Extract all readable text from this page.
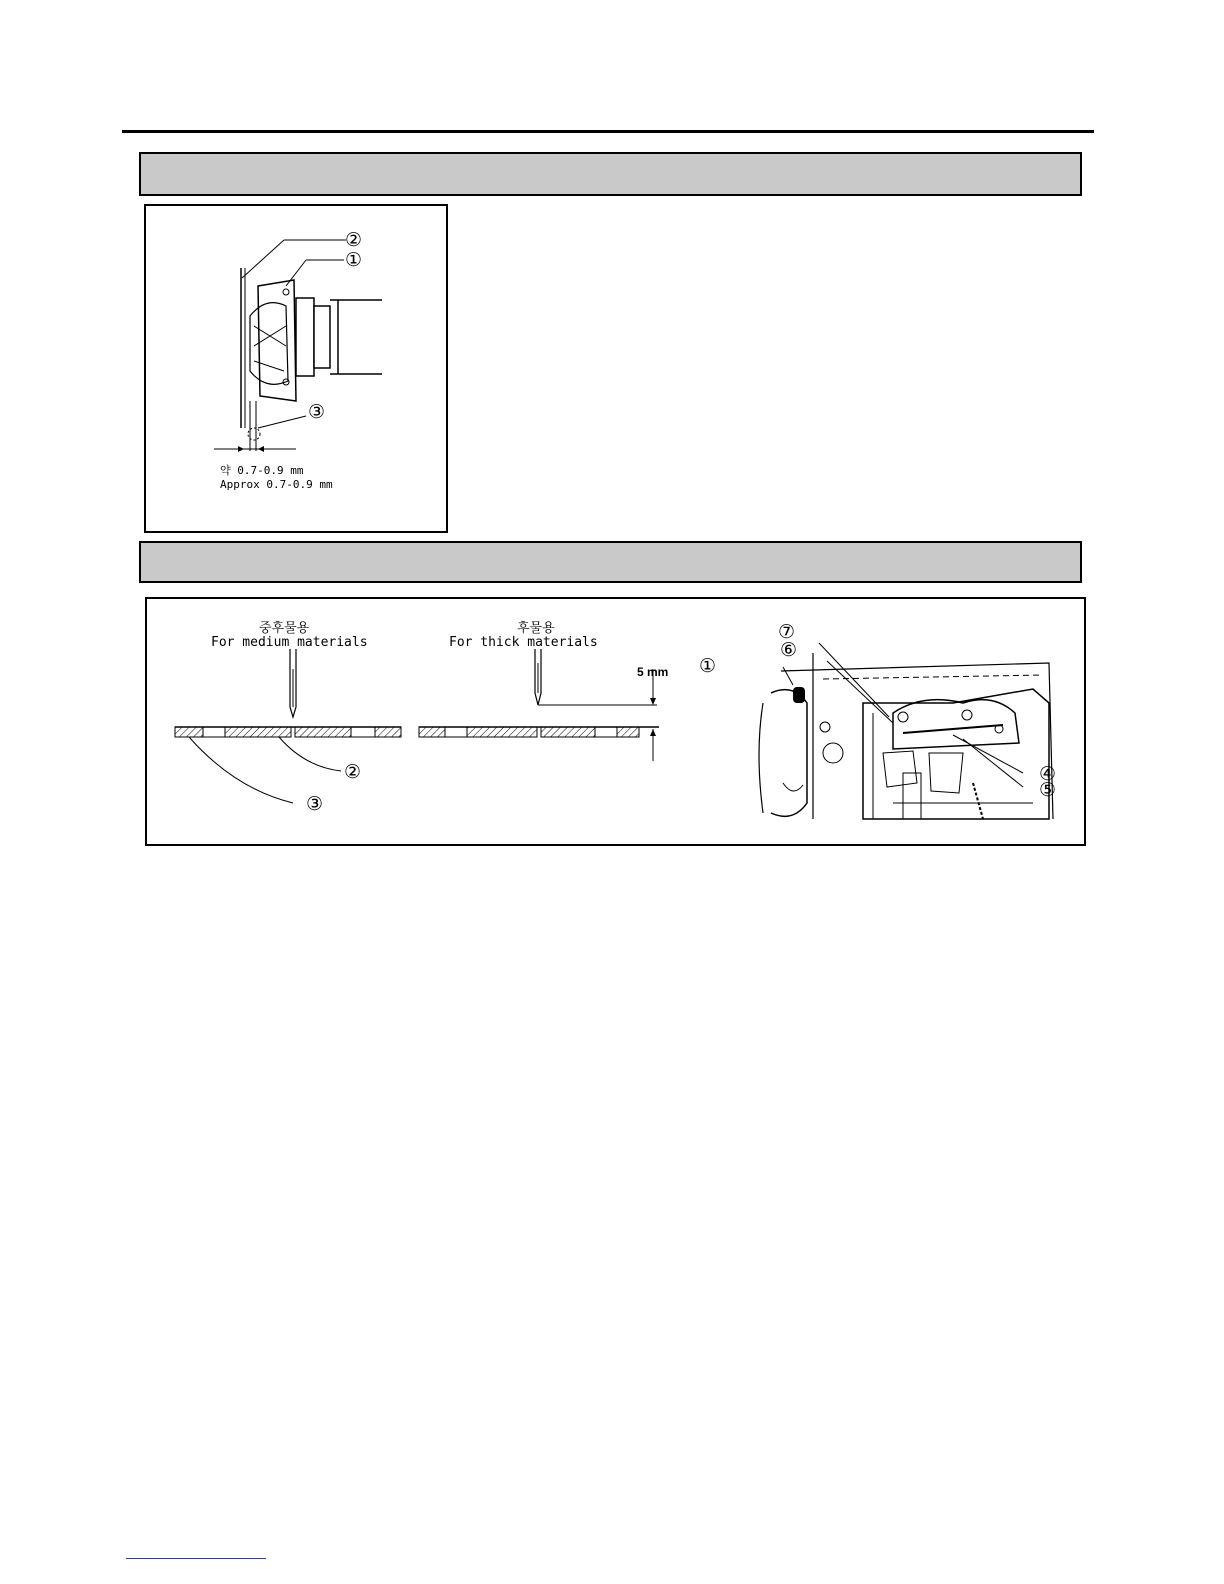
②
①
③
약 0.7-0.9 mm
Approx 0.7-0.9 mm
중후물용
For medium materials
②
③
후물용
For thick materials
5 mm
⑦
⑥
①
④
⑤
